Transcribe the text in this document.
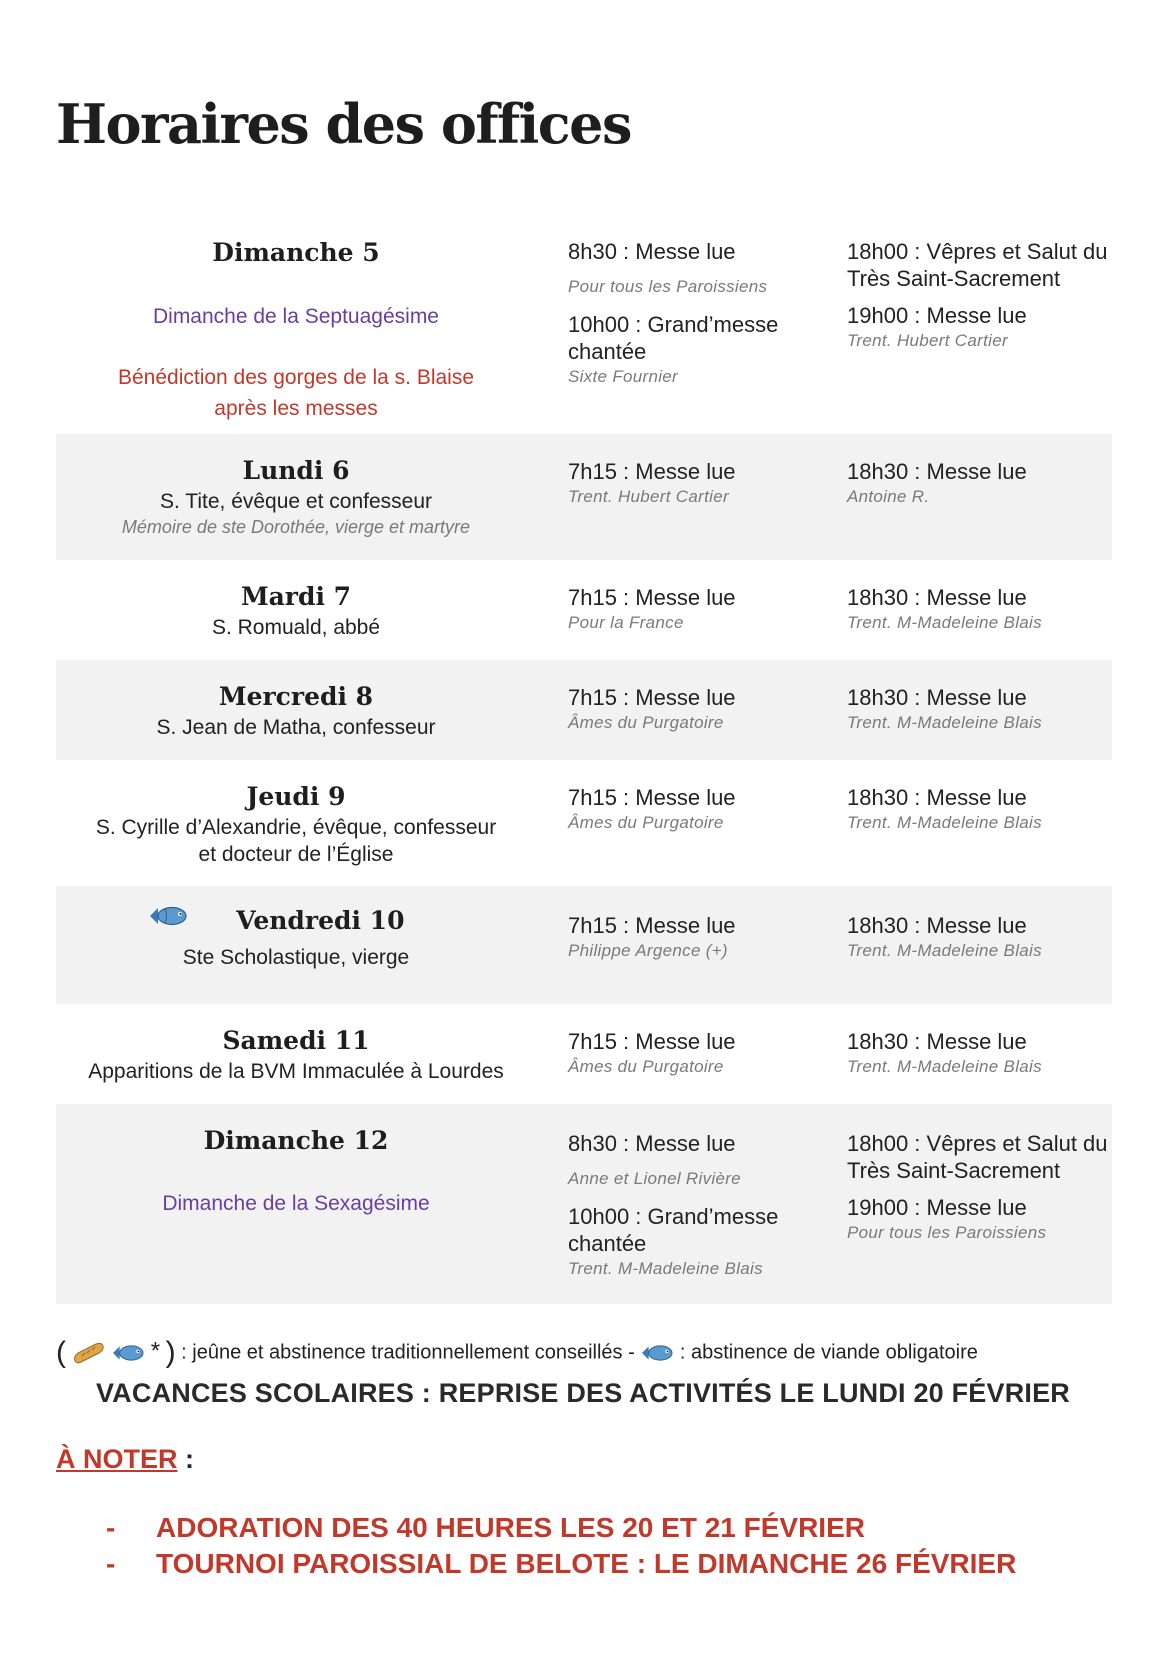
Horaires des offices
Dimanche 5
Dimanche de la Septuagésime
Bénédiction des gorges de la s. Blaise
après les messes
8h30 : Messe lue
Pour tous les Paroissiens
10h00 : Grand’messe chantée
Sixte Fournier
18h00 : Vêpres et Salut du Très Saint-Sacrement
19h00 : Messe lue
Trent. Hubert Cartier
Lundi 6
S. Tite, évêque et confesseur
Mémoire de ste Dorothée, vierge et martyre
7h15 : Messe lue
Trent. Hubert Cartier
18h30 : Messe lue
Antoine R.
Mardi 7
S. Romuald, abbé
7h15 : Messe lue
Pour la France
18h30 : Messe lue
Trent. M-Madeleine Blais
Mercredi 8
S. Jean de Matha, confesseur
7h15 : Messe lue
Âmes du Purgatoire
18h30 : Messe lue
Trent. M-Madeleine Blais
Jeudi 9
S. Cyrille d’Alexandrie, évêque, confesseur
et docteur de l’Église
7h15 : Messe lue
Âmes du Purgatoire
18h30 : Messe lue
Trent. M-Madeleine Blais
Vendredi 10
Ste Scholastique, vierge
7h15 : Messe lue
Philippe Argence (+)
18h30 : Messe lue
Trent. M-Madeleine Blais
Samedi 11
Apparitions de la BVM Immaculée à Lourdes
7h15 : Messe lue
Âmes du Purgatoire
18h30 : Messe lue
Trent. M-Madeleine Blais
Dimanche 12
Dimanche de la Sexagésime
8h30 : Messe lue
Anne et Lionel Rivière
10h00 : Grand’messe chantée
Trent. M-Madeleine Blais
18h00 : Vêpres et Salut du Très Saint-Sacrement
19h00 : Messe lue
Pour tous les Paroissiens
(	* ) : jeûne et abstinence traditionnellement conseillés -  : abstinence de viande obligatoire
VACANCES SCOLAIRES : REPRISE DES ACTIVITÉS LE LUNDI 20 FÉVRIER
À NOTER :
- ADORATION DES 40 HEURES LES 20 ET 21 FÉVRIER
- TOURNOI PAROISSIAL DE BELOTE : LE DIMANCHE 26 FÉVRIER
